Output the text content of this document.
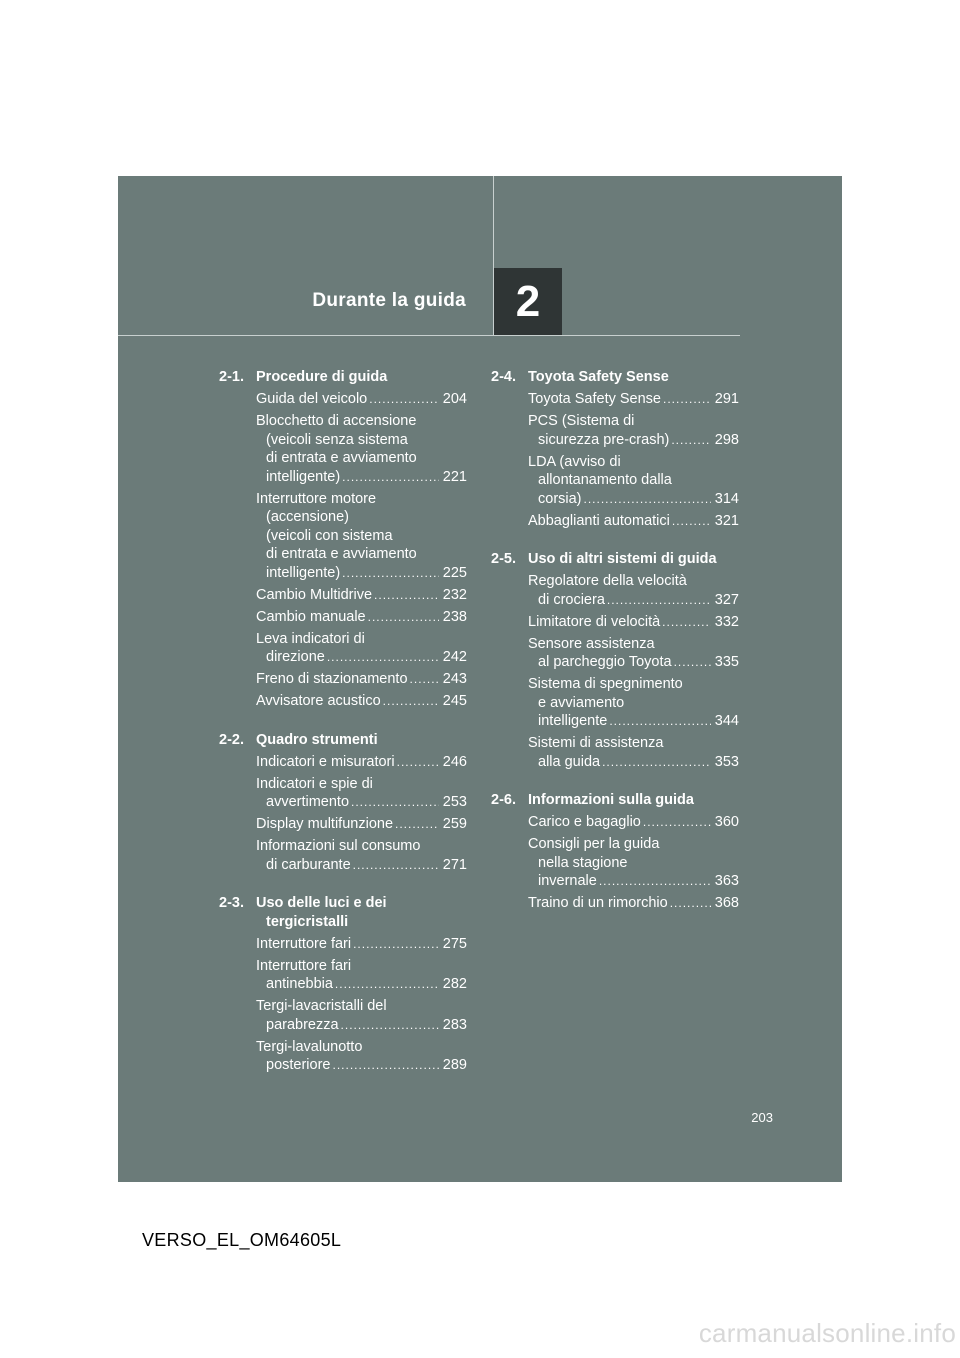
Durante la guida 2
2-1. Procedure di guida
Guida del veicolo .....	204
Blocchetto di accensione
(veicoli senza sistema
di entrata e avviamento
intelligente) .....	221
Interruttore motore
(accensione)
(veicoli con sistema
di entrata e avviamento
intelligente) .....	225
Cambio Multidrive .....	232
Cambio manuale .....	238
Leva indicatori di
direzione .....	242
Freno di stazionamento ..... 243
Avvisatore acustico .....	245
2-2. Quadro strumenti
Indicatori e misuratori .....	246
Indicatori e spie di
avvertimento .....	253
Display multifunzione .....	259
Informazioni sul consumo
di carburante .....	271
2-3. Uso delle luci e dei
tergicristalli
Interruttore fari .....	275
Interruttore fari
antinebbia .....	282
Tergi-lavacristalli del
parabrezza .....	283
Tergi-lavalunotto
posteriore .....	289
2-4. Toyota Safety Sense
Toyota Safety Sense .....	291
PCS (Sistema di
sicurezza pre-crash) .....	298
LDA (avviso di
allontanamento dalla
corsia) .....	314
Abbaglianti automatici .....	321
2-5. Uso di altri sistemi di guida
Regolatore della velocità
di crociera .....	327
Limitatore di velocità .....	332
Sensore assistenza
al parcheggio Toyota .....	335
Sistema di spegnimento
e avviamento
intelligente .....	344
Sistemi di assistenza
alla guida .....	353
2-6. Informazioni sulla guida
Carico e bagaglio .....	360
Consigli per la guida
nella stagione
invernale .....	363
Traino di un rimorchio .....	368
203
VERSO_EL_OM64605L
carmanualsonline.info
